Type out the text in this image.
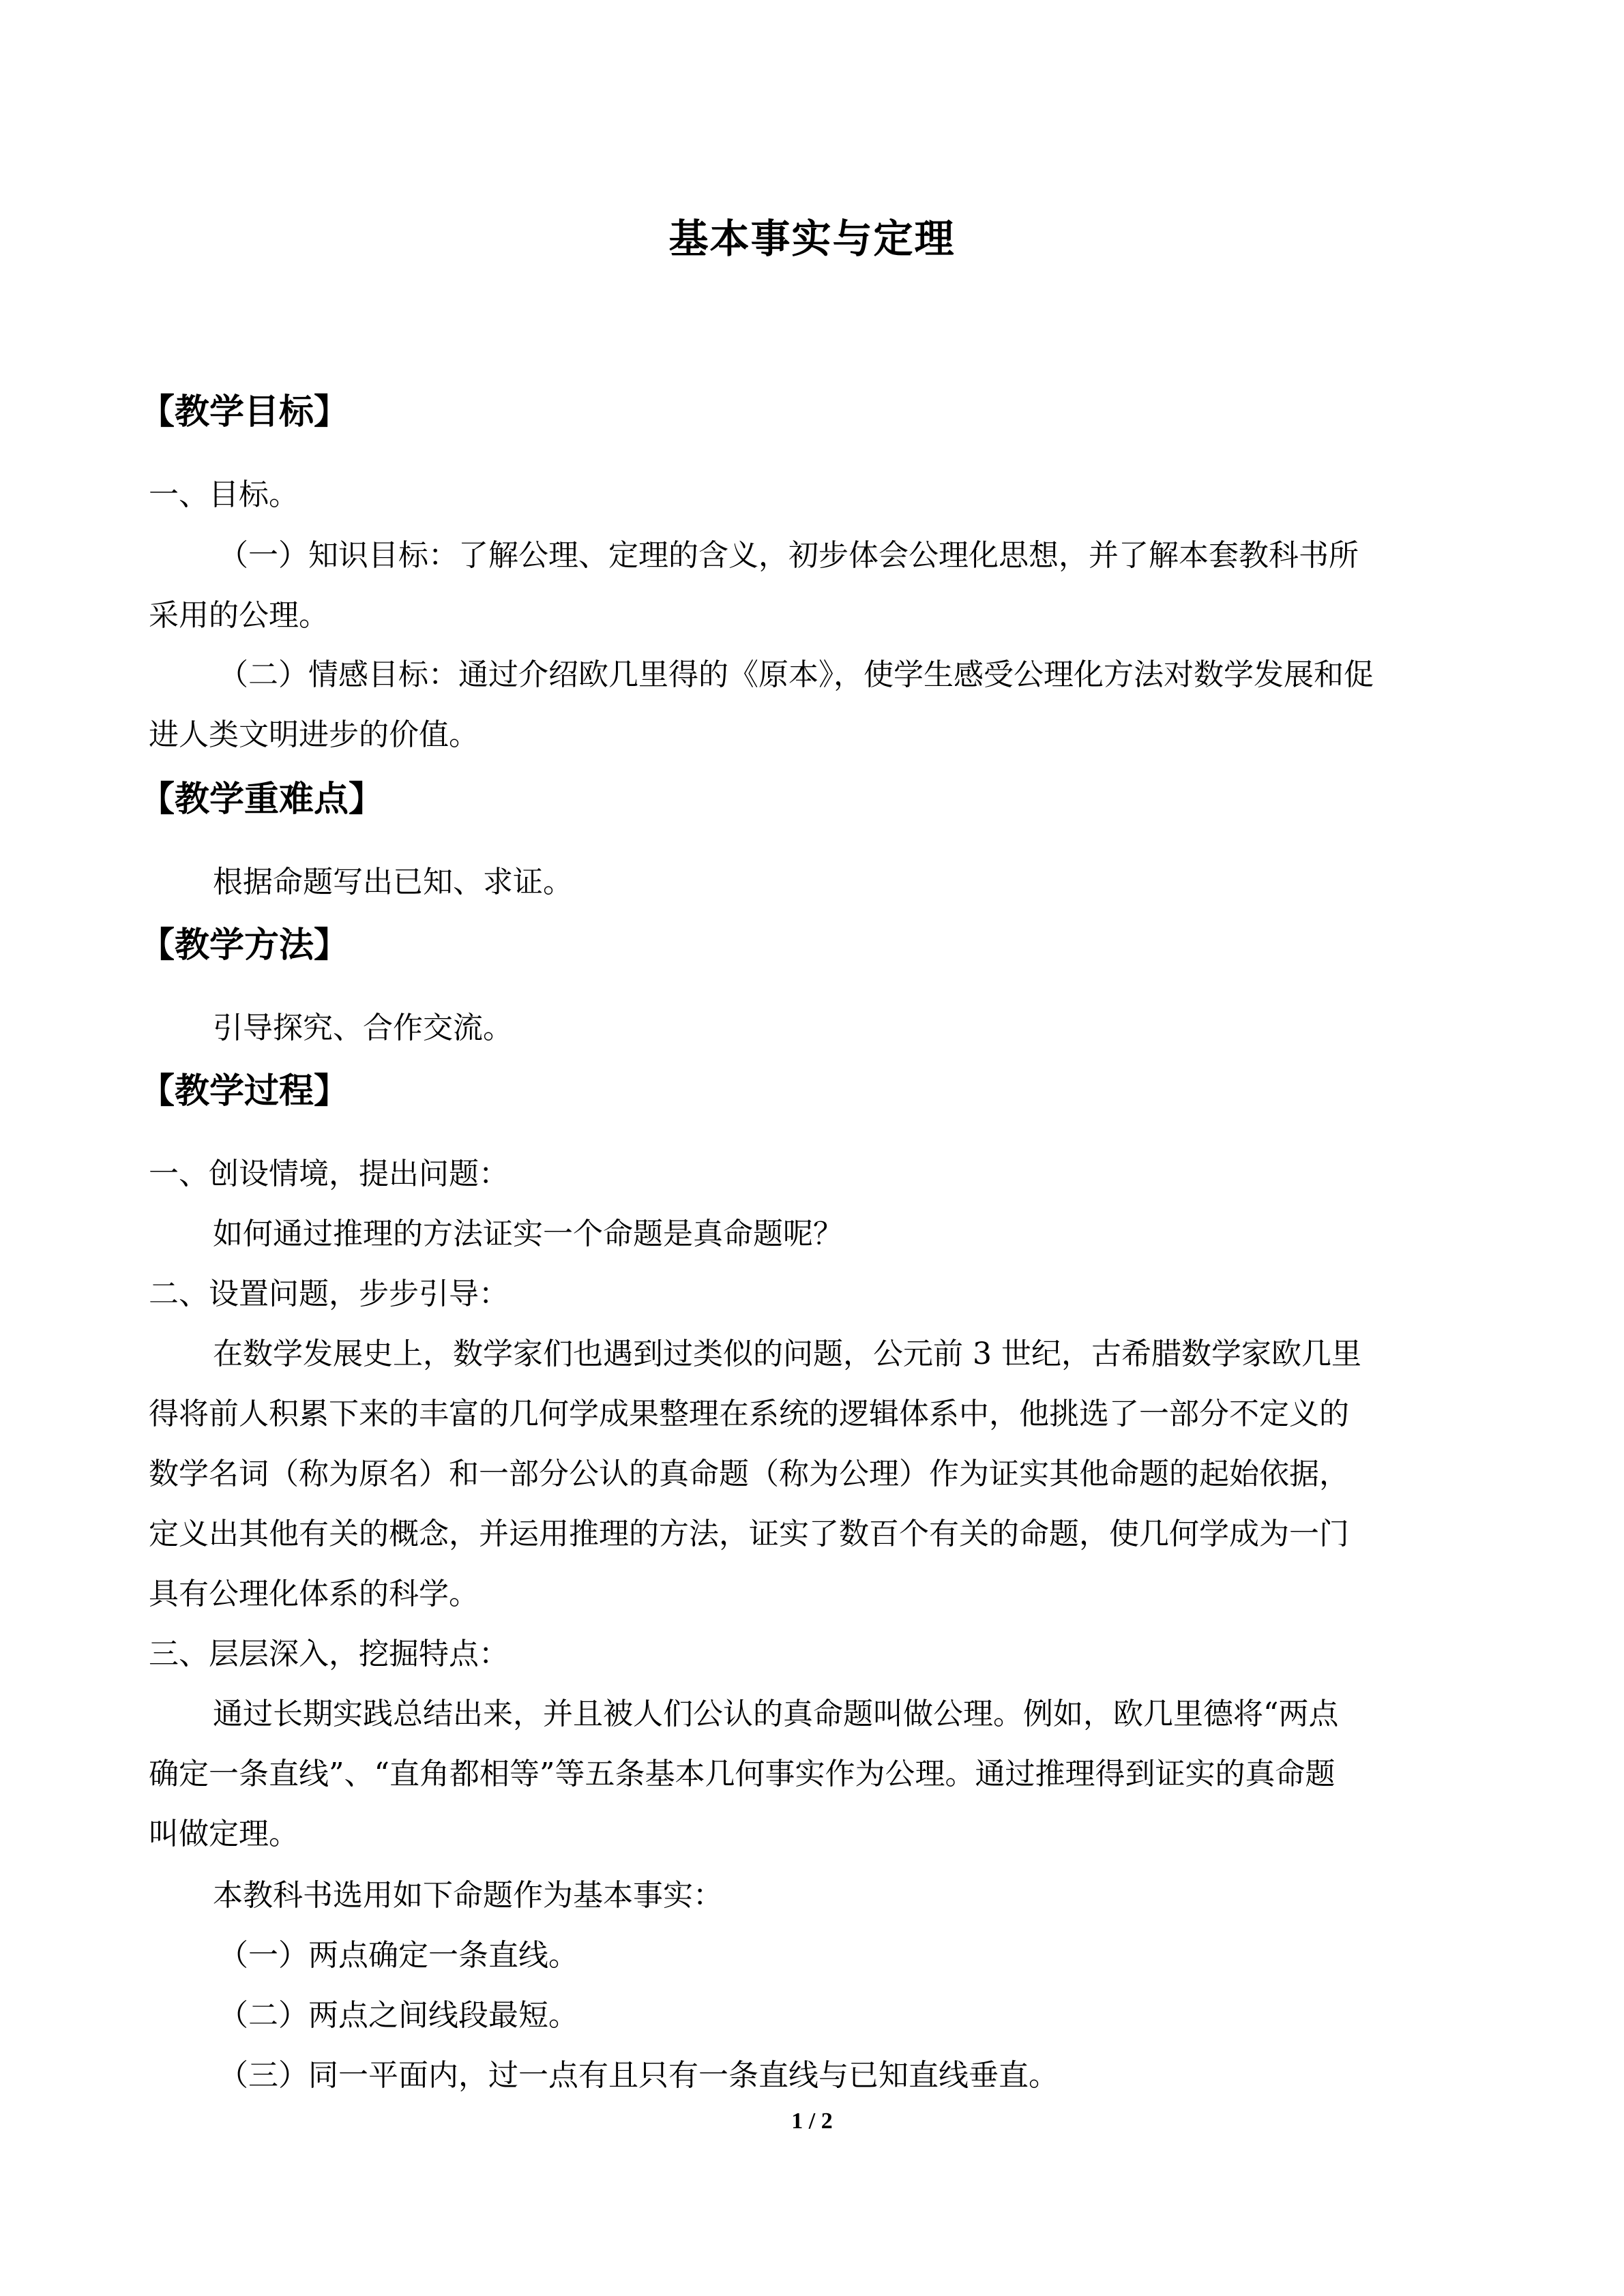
基本事实与定理
【教学目标】
一、目标。
（一）知识目标：了解公理、定理的含义，初步体会公理化思想，并了解本套教科书所
采用的公理。
（二）情感目标：通过介绍欧几里得的《原本》，使学生感受公理化方法对数学发展和促
进人类文明进步的价值。
【教学重难点】
根据命题写出已知、求证。
【教学方法】
引导探究、合作交流。
【教学过程】
一、创设情境，提出问题：
如何通过推理的方法证实一个命题是真命题呢？
二、设置问题，步步引导：
在数学发展史上，数学家们也遇到过类似的问题，公元前 3 世纪，古希腊数学家欧几里
得将前人积累下来的丰富的几何学成果整理在系统的逻辑体系中，他挑选了一部分不定义的
数学名词（称为原名）和一部分公认的真命题（称为公理）作为证实其他命题的起始依据，
定义出其他有关的概念，并运用推理的方法，证实了数百个有关的命题，使几何学成为一门
具有公理化体系的科学。
三、层层深入，挖掘特点：
通过长期实践总结出来，并且被人们公认的真命题叫做公理。例如，欧几里德将“两点
确定一条直线”、“直角都相等”等五条基本几何事实作为公理。通过推理得到证实的真命题
叫做定理。
本教科书选用如下命题作为基本事实：
（一）两点确定一条直线。
（二）两点之间线段最短。
（三）同一平面内，过一点有且只有一条直线与已知直线垂直。
1 / 2
